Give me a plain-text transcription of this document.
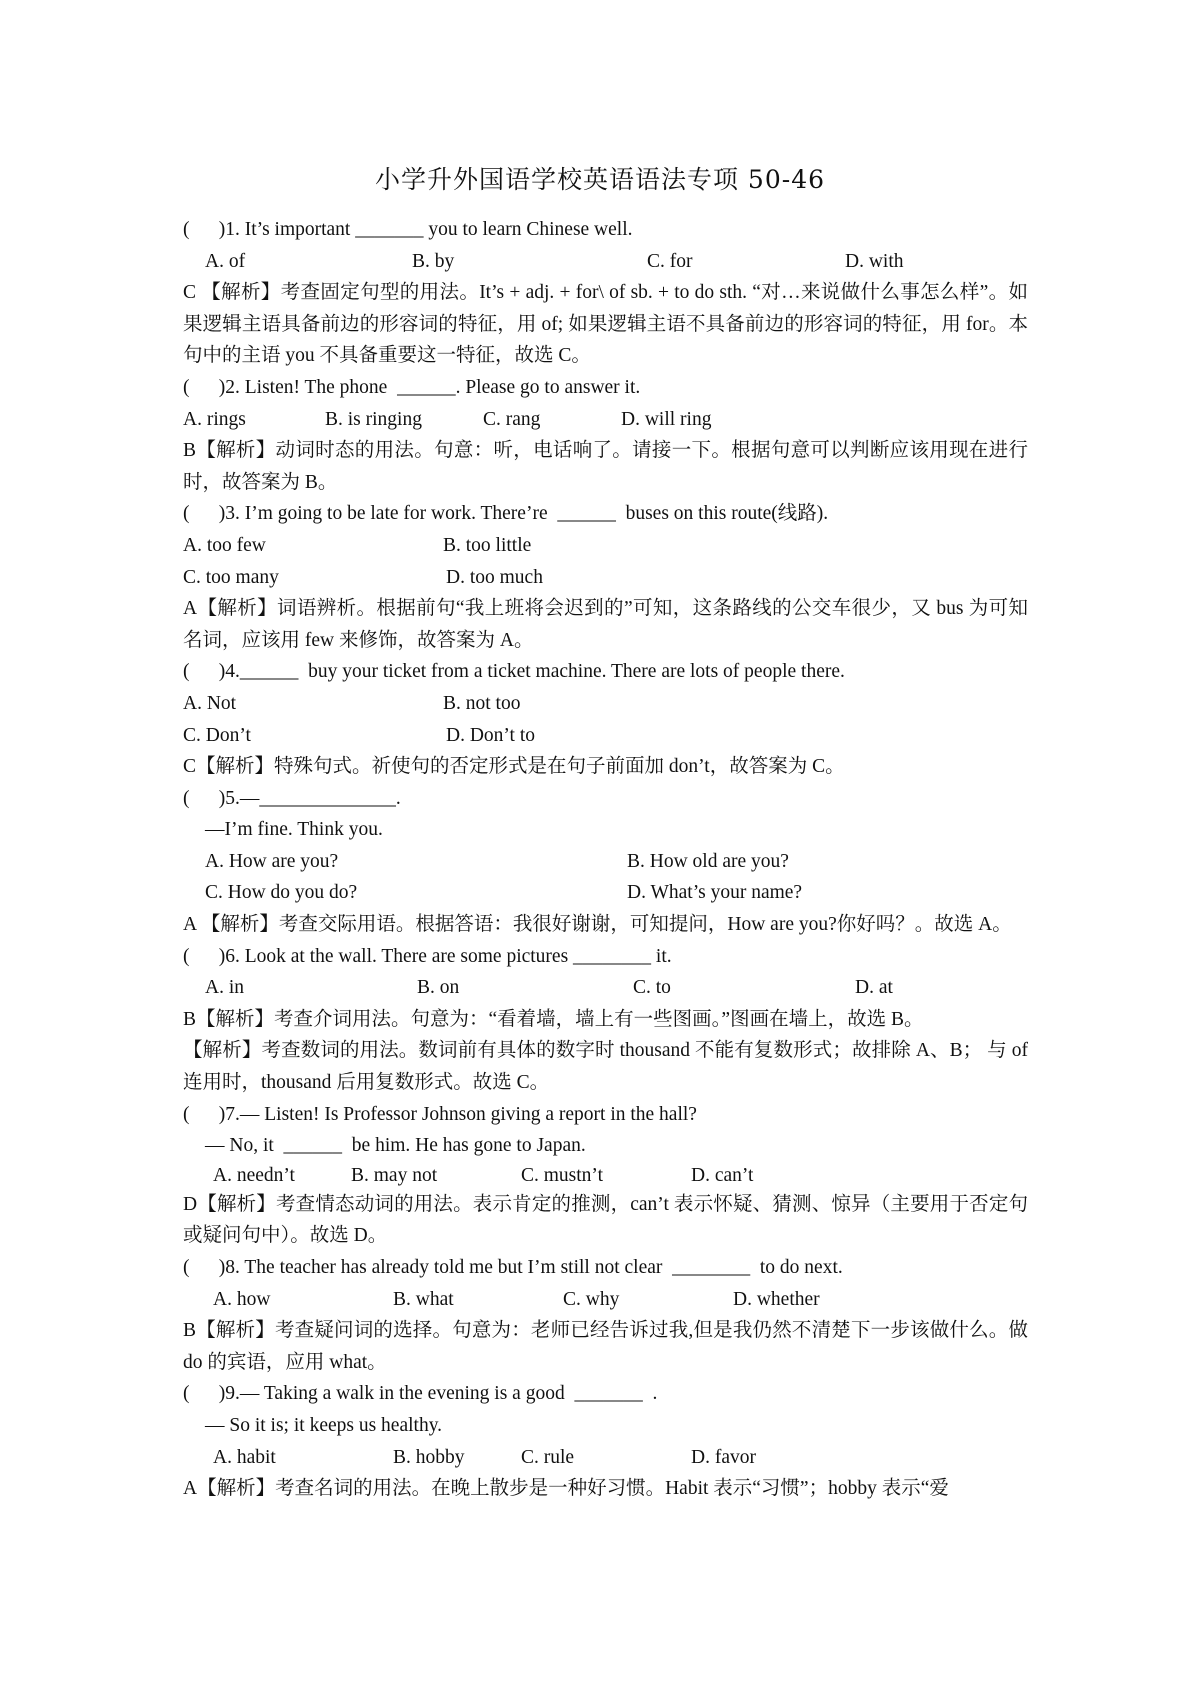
小学升外国语学校英语语法专项 50-46
(      )1. It’s important _______ you to learn Chinese well.
A. of	B. by	C. for	D. with
C 【解析】考查固定句型的用法。It’s + adj. + for\ of sb. + to do sth. “对…来说做什么事怎么样”。如果逻辑主语具备前边的形容词的特征，用 of; 如果逻辑主语不具备前边的形容词的特征，用 for。本句中的主语 you 不具备重要这一特征，故选 C。
(      )2. Listen! The phone  ______. Please go to answer it.
A. rings	B. is ringing	C. rang	D. will ring
B【解析】动词时态的用法。句意：听，电话响了。请接一下。根据句意可以判断应该用现在进行时，故答案为 B。
(      )3. I’m going to be late for work. There’re  ______  buses on this route(线路).
A. too few	B. too little
C. too many	D. too much
A【解析】词语辨析。根据前句“我上班将会迟到的”可知，这条路线的公交车很少，又 bus 为可知名词，应该用 few 来修饰，故答案为 A。
(      )4.______  buy your ticket from a ticket machine. There are lots of people there.
A. Not	B. not too
C. Don’t	D. Don’t to
C【解析】特殊句式。祈使句的否定形式是在句子前面加 don’t，故答案为 C。
(      )5.—______________.
—I’m fine. Think you.
A. How are you?	B. How old are you?
C. How do you do?	D. What’s your name?
A 【解析】考查交际用语。根据答语：我很好谢谢，可知提问，How are you?你好吗？。故选 A。
(      )6. Look at the wall. There are some pictures ________ it.
A. in	B. on	C. to	D. at
B【解析】考查介词用法。句意为：“看着墙，墙上有一些图画。”图画在墙上，故选 B。
【解析】考查数词的用法。数词前有具体的数字时 thousand 不能有复数形式；故排除 A、B； 与 of 连用时，thousand 后用复数形式。故选 C。
(      )7.— Listen! Is Professor Johnson giving a report in the hall?
— No, it  ______  be him. He has gone to Japan.
A. needn’t	B. may not	C. mustn’t	D. can’t
D【解析】考查情态动词的用法。表示肯定的推测，can’t 表示怀疑、猜测、惊异（主要用于否定句或疑问句中）。故选 D。
(      )8. The teacher has already told me but I’m still not clear  ________  to do next.
A. how	B. what	C. why	D. whether
B【解析】考查疑问词的选择。句意为：老师已经告诉过我,但是我仍然不清楚下一步该做什么。做 do 的宾语，应用 what。
(      )9.— Taking a walk in the evening is a good  _______  .
— So it is; it keeps us healthy.
A. habit	B. hobby	C. rule	D. favor
A【解析】考查名词的用法。在晚上散步是一种好习惯。Habit 表示“习惯”；hobby 表示“爱
